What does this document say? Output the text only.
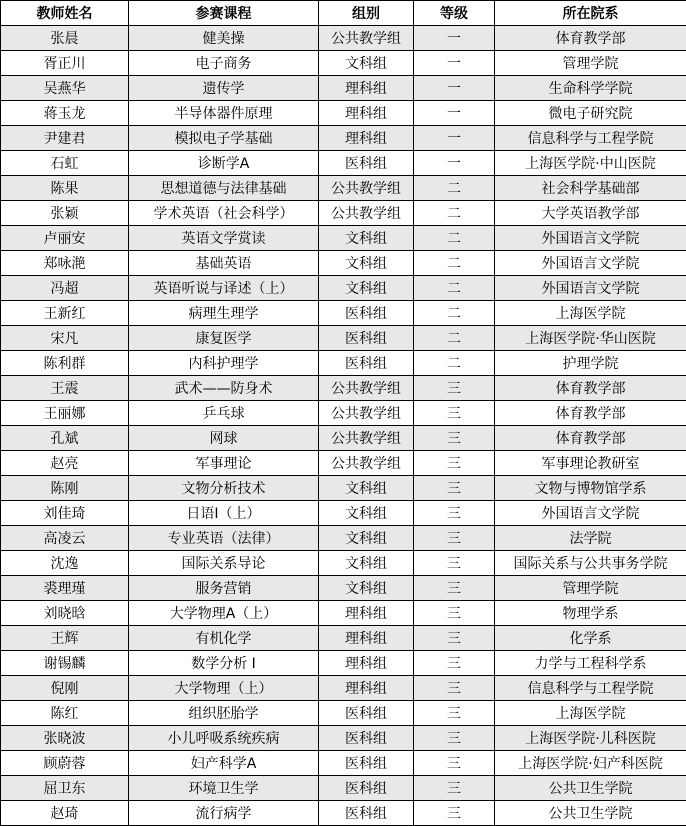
教师姓名	参赛课程	组别	等级	所在院系
张晨	健美操	公共教学组	一	体育教学部
胥正川	电子商务	文科组	一	管理学院
吴燕华	遗传学	理科组	一	生命科学学院
蒋玉龙	半导体器件原理	理科组	一	微电子研究院
尹建君	模拟电子学基础	理科组	一	信息科学与工程学院
石虹	诊断学A	医科组	一	上海医学院·中山医院
陈果	思想道德与法律基础	公共教学组	二	社会科学基础部
张颖	学术英语（社会科学）	公共教学组	二	大学英语教学部
卢丽安	英语文学赏读	文科组	二	外国语言文学院
郑咏滟	基础英语	文科组	二	外国语言文学院
冯超	英语听说与译述（上）	文科组	二	外国语言文学院
王新红	病理生理学	医科组	二	上海医学院
宋凡	康复医学	医科组	二	上海医学院·华山医院
陈利群	内科护理学	医科组	二	护理学院
王震	武术——防身术	公共教学组	三	体育教学部
王丽娜	乒乓球	公共教学组	三	体育教学部
孔斌	网球	公共教学组	三	体育教学部
赵亮	军事理论	公共教学组	三	军事理论教研室
陈刚	文物分析技术	文科组	三	文物与博物馆学系
刘佳琦	日语Ⅰ（上）	文科组	三	外国语言文学院
高凌云	专业英语（法律）	文科组	三	法学院
沈逸	国际关系导论	文科组	三	国际关系与公共事务学院
裘理瑾	服务营销	文科组	三	管理学院
刘晓晗	大学物理A（上）	理科组	三	物理学系
王辉	有机化学	理科组	三	化学系
谢锡麟	数学分析 Ⅰ	理科组	三	力学与工程科学系
倪刚	大学物理（上）	理科组	三	信息科学与工程学院
陈红	组织胚胎学	医科组	三	上海医学院
张晓波	小儿呼吸系统疾病	医科组	三	上海医学院·儿科医院
顾蔚蓉	妇产科学A	医科组	三	上海医学院·妇产科医院
屈卫东	环境卫生学	医科组	三	公共卫生学院
赵琦	流行病学	医科组	三	公共卫生学院
